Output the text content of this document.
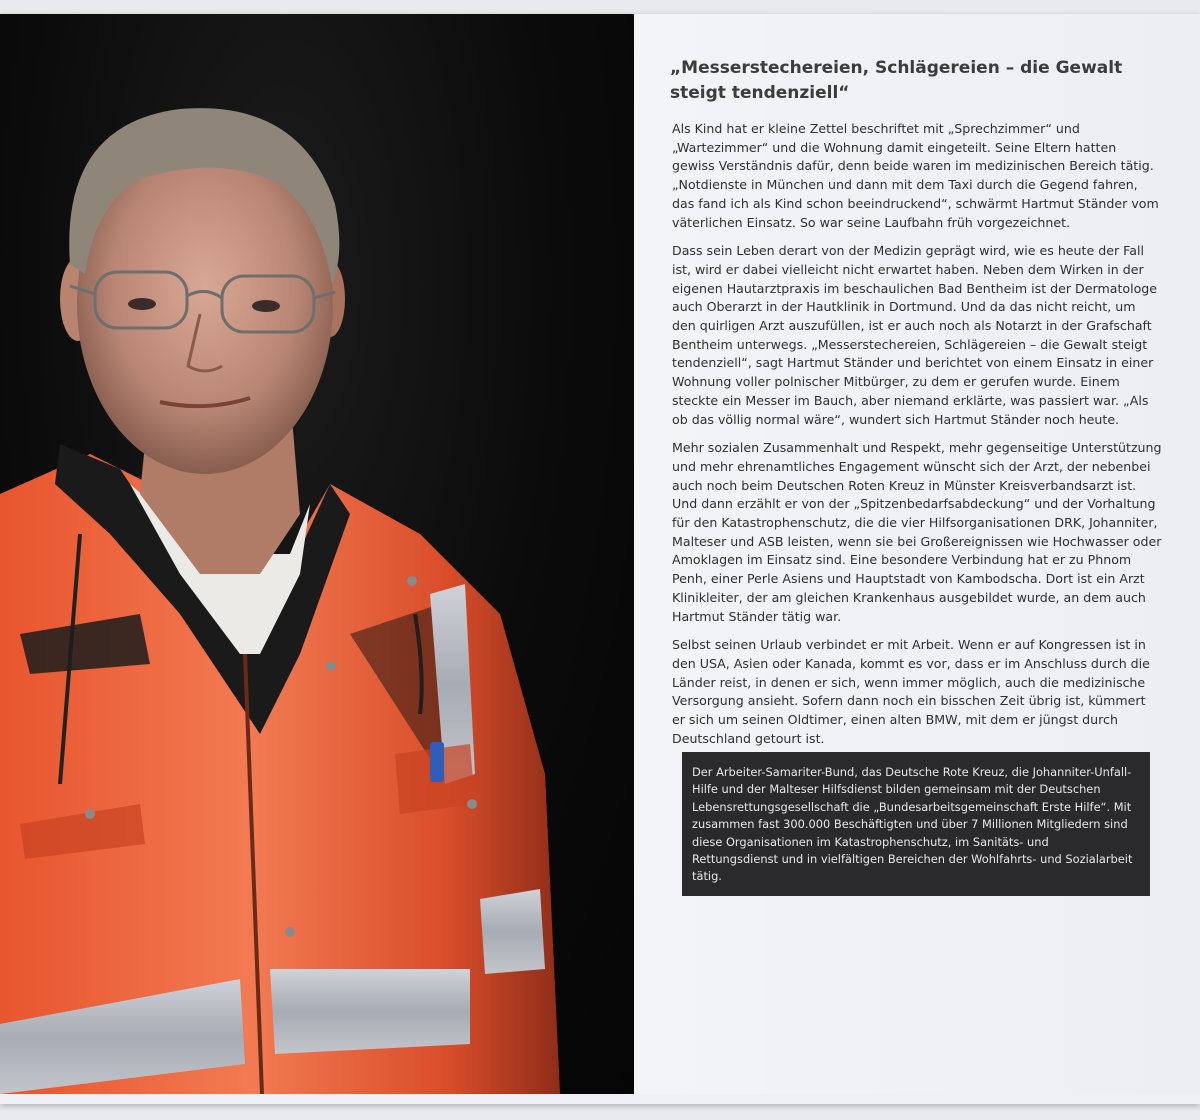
„Messerstechereien, Schlägereien – die Gewalt steigt tendenziell“

Als Kind hat er kleine Zettel beschriftet mit „Sprechzimmer“ und „Wartezimmer“ und die Wohnung damit eingeteilt. Seine Eltern hatten gewiss Verständnis dafür, denn beide waren im medizinischen Bereich tätig. „Notdienste in München und dann mit dem Taxi durch die Gegend fahren, das fand ich als Kind schon beeindruckend“, schwärmt Hartmut Ständer vom väterlichen Einsatz. So war seine Laufbahn früh vorgezeichnet.

Dass sein Leben derart von der Medizin geprägt wird, wie es heute der Fall ist, wird er dabei vielleicht nicht erwartet haben. Neben dem Wirken in der eigenen Hautarztpraxis im beschaulichen Bad Bentheim ist der Dermatologe auch Oberarzt in der Hautklinik in Dortmund. Und da das nicht reicht, um den quirligen Arzt auszufüllen, ist er auch noch als Notarzt in der Grafschaft Bentheim unterwegs. „Messerstechereien, Schlägereien – die Gewalt steigt tendenziell“, sagt Hartmut Ständer und berichtet von einem Einsatz in einer Wohnung voller polnischer Mitbürger, zu dem er gerufen wurde. Einem steckte ein Messer im Bauch, aber niemand erklärte, was passiert war. „Als ob das völlig normal wäre“, wundert sich Hartmut Ständer noch heute.

Mehr sozialen Zusammenhalt und Respekt, mehr gegenseitige Unterstützung und mehr ehrenamtliches Engagement wünscht sich der Arzt, der nebenbei auch noch beim Deutschen Roten Kreuz in Münster Kreisverbandsarzt ist. Und dann erzählt er von der „Spitzenbedarfsabdeckung“ und der Vorhaltung für den Katastrophenschutz, die die vier Hilfsorganisationen DRK, Johanniter, Malteser und ASB leisten, wenn sie bei Großereignissen wie Hochwasser oder Amoklagen im Einsatz sind. Eine besondere Verbindung hat er zu Phnom Penh, einer Perle Asiens und Hauptstadt von Kambodscha. Dort ist ein Arzt Klinikleiter, der am gleichen Krankenhaus ausgebildet wurde, an dem auch Hartmut Ständer tätig war.

Selbst seinen Urlaub verbindet er mit Arbeit. Wenn er auf Kongressen ist in den USA, Asien oder Kanada, kommt es vor, dass er im Anschluss durch die Länder reist, in denen er sich, wenn immer möglich, auch die medizinische Versorgung ansieht. Sofern dann noch ein bisschen Zeit übrig ist, kümmert er sich um seinen Oldtimer, einen alten BMW, mit dem er jüngst durch Deutschland getourt ist.

Der Arbeiter-Samariter-Bund, das Deutsche Rote Kreuz, die Johanniter-Unfall-Hilfe und der Malteser Hilfsdienst bilden gemeinsam mit der Deutschen Lebensrettungsgesellschaft die „Bundesarbeitsgemeinschaft Erste Hilfe“. Mit zusammen fast 300.000 Beschäftigten und über 7 Millionen Mitgliedern sind diese Organisationen im Katastrophenschutz, im Sanitäts- und Rettungsdienst und in vielfältigen Bereichen der Wohlfahrts- und Sozialarbeit tätig.
